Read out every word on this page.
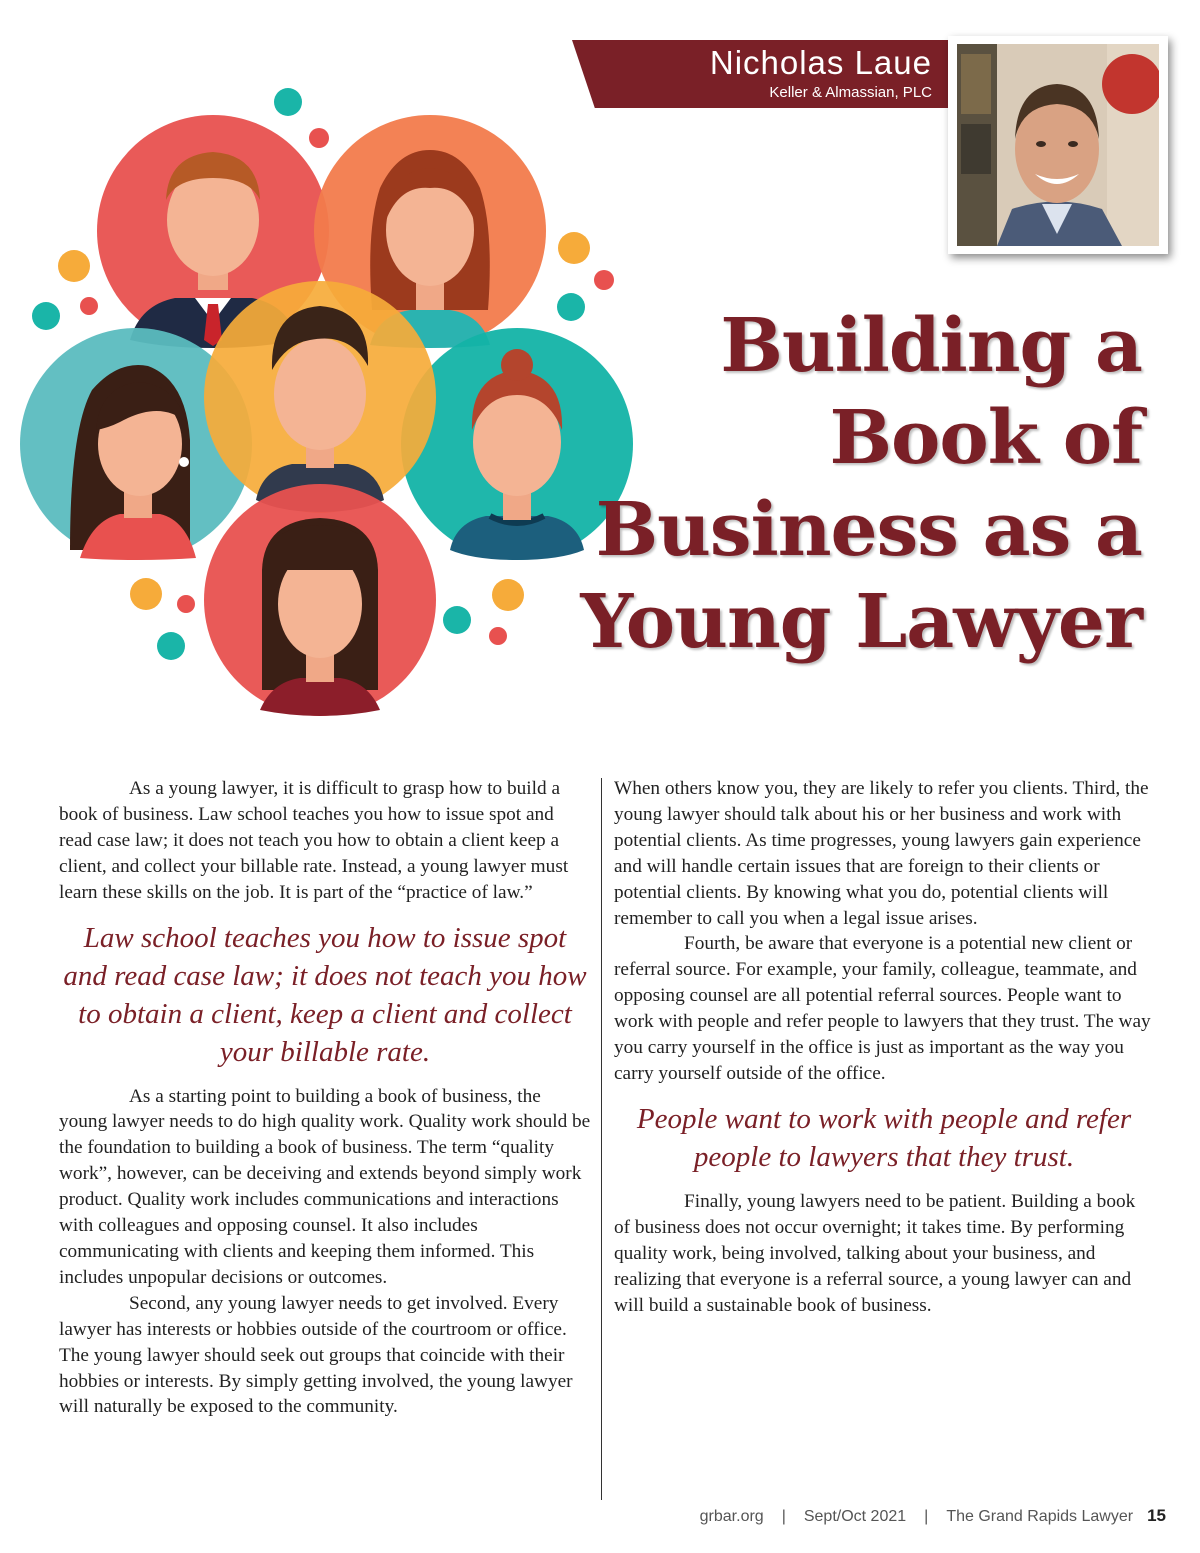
Nicholas Laue
Keller & Almassian, PLC
Building a
Book of
Business as a
Young Lawyer

As a young lawyer, it is difficult to grasp how to build a book of business. Law school teaches you how to issue spot and read case law; it does not teach you how to obtain a client keep a client, and collect your billable rate. Instead, a young lawyer must learn these skills on the job. It is part of the “practice of law.”

Law school teaches you how to issue spot and read case law; it does not teach you how to obtain a client, keep a client and collect your billable rate.

As a starting point to building a book of business, the young lawyer needs to do high quality work. Quality work should be the foundation to building a book of business. The term “quality work”, however, can be deceiving and extends beyond simply work product. Quality work includes communications and interactions with colleagues and opposing counsel. It also includes communicating with clients and keeping them informed. This includes unpopular decisions or outcomes.

Second, any young lawyer needs to get involved. Every lawyer has interests or hobbies outside of the courtroom or office. The young lawyer should seek out groups that coincide with their hobbies or interests. By simply getting involved, the young lawyer will naturally be exposed to the community.

When others know you, they are likely to refer you clients. Third, the young lawyer should talk about his or her business and work with potential clients. As time progresses, young lawyers gain experience and will handle certain issues that are foreign to their clients or potential clients. By knowing what you do, potential clients will remember to call you when a legal issue arises.

Fourth, be aware that everyone is a potential new client or referral source. For example, your family, colleague, teammate, and opposing counsel are all potential referral sources. People want to work with people and refer people to lawyers that they trust. The way you carry yourself in the office is just as important as the way you carry yourself outside of the office.

People want to work with people and refer people to lawyers that they trust.

Finally, young lawyers need to be patient. Building a book of business does not occur overnight; it takes time. By performing quality work, being involved, talking about your business, and realizing that everyone is a referral source, a young lawyer can and will build a sustainable book of business.

grbar.org | Sept/Oct 2021 | The Grand Rapids Lawyer 15
